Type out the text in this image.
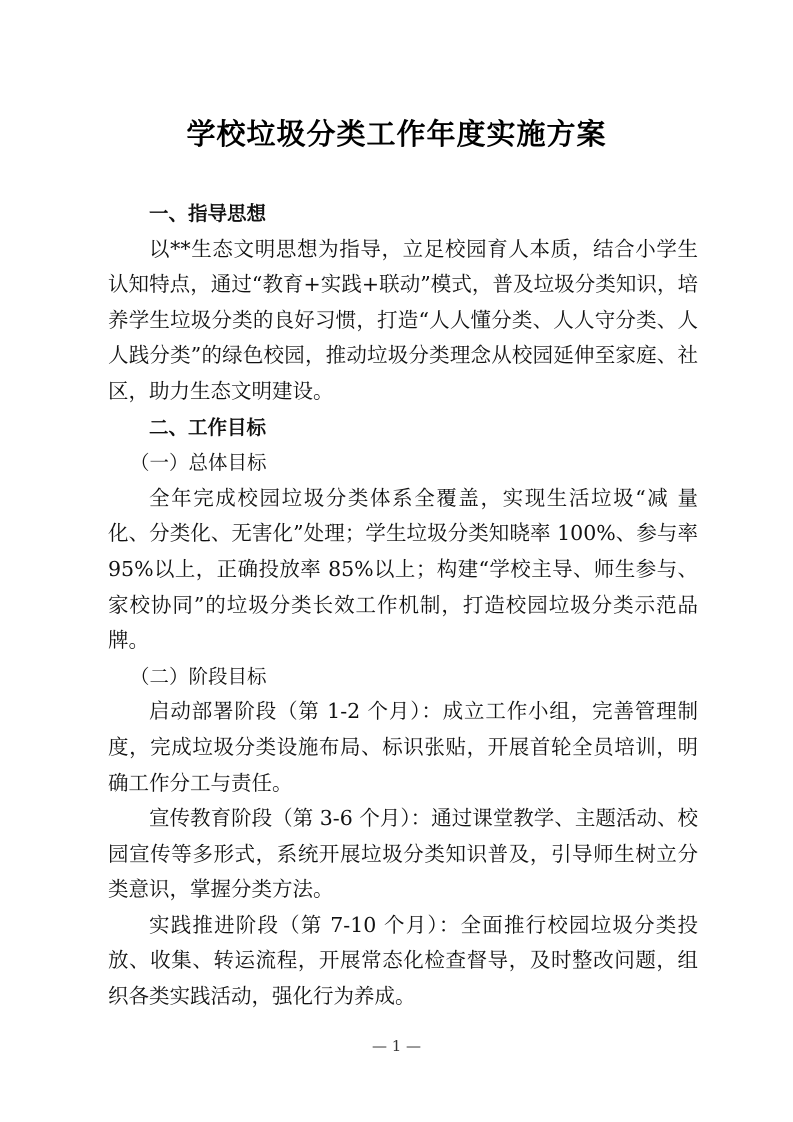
学校垃圾分类工作年度实施方案

一、指导思想

以**生态文明思想为指导，立足校园育人本质，结合小学生认知特点，通过“教育+实践+联动”模式，普及垃圾分类知识，培养学生垃圾分类的良好习惯，打造“人人懂分类、人人守分类、人人践分类”的绿色校园，推动垃圾分类理念从校园延伸至家庭、社区，助力生态文明建设。

二、工作目标

（一）总体目标

全年完成校园垃圾分类体系全覆盖，实现生活垃圾“减 量化、分类化、无害化”处理；学生垃圾分类知晓率 100%、参与率 95%以上，正确投放率 85%以上；构建“学校主导、师生参与、家校协同”的垃圾分类长效工作机制，打造校园垃圾分类示范品牌。

（二）阶段目标

启动部署阶段（第 1-2 个月）：成立工作小组，完善管理制度，完成垃圾分类设施布局、标识张贴，开展首轮全员培训，明确工作分工与责任。

宣传教育阶段（第 3-6 个月）：通过课堂教学、主题活动、校园宣传等多形式，系统开展垃圾分类知识普及，引导师生树立分类意识，掌握分类方法。

实践推进阶段（第 7-10 个月）：全面推行校园垃圾分类投放、收集、转运流程，开展常态化检查督导，及时整改问题，组织各类实践活动，强化行为养成。

— 1 —
